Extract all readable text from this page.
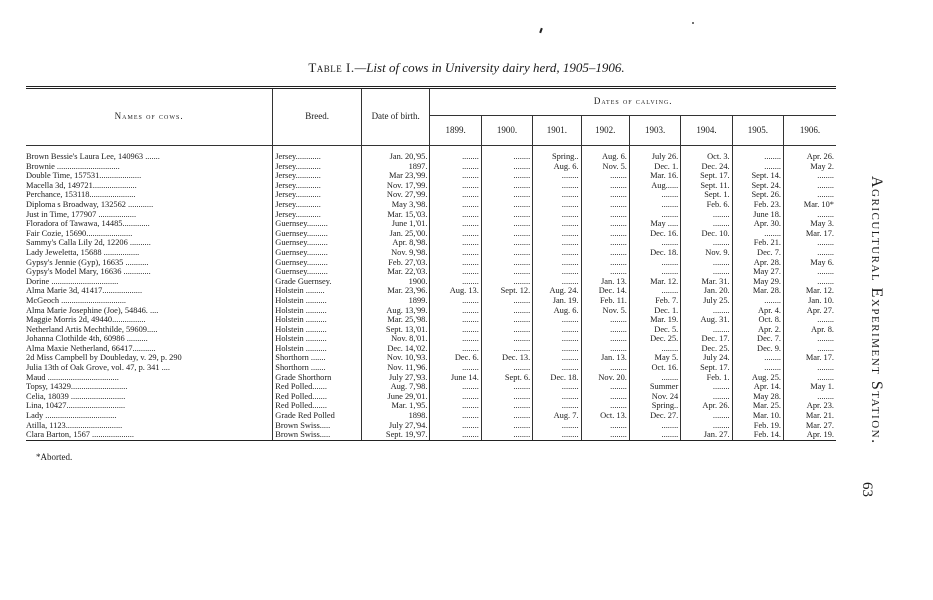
Table I.—List of cows in University dairy herd, 1905–1906.
Names of cows.	Breed.	Date of birth.	Dates of calving.							
			1899.	1900.	1901.	1902.	1903.	1904.	1905.	1906.

Brown Bessie's Laura Lee, 140963 .......	Jersey............	Jan. 20,'95.	........	........	Spring..	Aug. 6.	July 26.	Oct. 3.	........	Apr. 26.
Brownie ..............................	Jersey............	1897.	........	........	Aug. 6.	Nov. 5.	Dec. 1.	Dec. 24.	........	May 2.
Double Time, 157531....................	Jersey............	Mar 23,'99.	........	........	........	........	Mar. 16.	Sept. 17.	Sept. 14.	........
Macella 3d, 149721.....................	Jersey............	Nov. 17,'99.	........	........	........	........	Aug......	Sept. 11.	Sept. 24.	........
Perchance, 153118......................	Jersey............	Nov. 27,'99.	........	........	........	........	........	Sept. 1.	Sept. 26.	........
Diploma s Broadway, 132562 ............	Jersey............	May 3,'98.	........	........	........	........	........	Feb. 6.	Feb. 23.	Mar. 10*
Just in Time, 177907 ..................	Jersey............	Mar. 15,'03.	........	........	........	........	........	........	June 18.	........
Floradora of Tawawa, 14485.............	Guernsey..........	June 1,'01.	........	........	........	........	May .....	........	Apr. 30.	May 3.
Fair Cozie, 15690......................	Guernsey..........	Jan. 25,'00.	........	........	........	........	Dec. 16.	Dec. 10.	........	Mar. 17.
Sammy's Calla Lily 2d, 12206 ..........	Guernsey..........	Apr. 8,'98.	........	........	........	........	........	........	Feb. 21.	........
Lady Jeweletta, 15688 .................	Guernsey..........	Nov. 9,'98.	........	........	........	........	Dec. 18.	Nov. 9.	Dec. 7.	........
Gypsy's Jennie (Gyp), 16635 ...........	Guernsey..........	Feb. 27,'03.	........	........	........	........	........	........	Apr. 28.	May 6.
Gypsy's Model Mary, 16636 .............	Guernsey..........	Mar. 22,'03.	........	........	........	........	........	........	May 27.	........
Dorine ................................	Grade Guernsey.	1900.	........	........	........	Jan. 13.	Mar. 12.	Mar. 31.	May 29.	........
Alma Marie 3d, 41417...................	Holstein .........	Mar. 23,'96.	Aug. 13.	Sept. 12.	Aug. 24.	Dec. 14.	........	Jan. 20.	Mar. 28.	Mar. 12.
McGeoch ...............................	Holstein ..........	1899.	........	........	Jan. 19.	Feb. 11.	Feb. 7.	July 25.	........	Jan. 10.
Alma Marie Josephine (Joe), 54846. ....	Holstein ..........	Aug. 13,'99.	........	........	Aug. 6.	Nov. 5.	Dec. 1.	........	Apr. 4.	Apr. 27.
Maggie Morris 2d, 49440................	Holstein ..........	Mar. 25,'98.	........	........	........	........	Mar. 19.	Aug. 31.	Oct. 8.	........
Netherland Artis Mechthilde, 59609.....	Holstein ..........	Sept. 13,'01.	........	........	........	........	Dec. 5.	........	Apr. 2.	Apr. 8.
Johanna Clothilde 4th, 60986 ..........	Holstein ..........	Nov. 8,'01.	........	........	........	........	Dec. 25.	Dec. 17.	Dec. 7.	........
Alma Maxie Netherland, 66417...........	Holstein ..........	Dec. 14,'02.	........	........	........	........	........	Dec. 25.	Dec. 9.	........
2d Miss Campbell by Doubleday, v. 29, p. 290	Shorthorn .......	Nov. 10,'93.	Dec. 6.	Dec. 13.	........	Jan. 13.	May 5.	July 24.	........	Mar. 17.
Julia 13th of Oak Grove, vol. 47, p. 341 ....	Shorthorn .......	Nov. 11,'96.	........	........	........	........	Oct. 16.	Sept. 17.	........	........
Maud ..................................	Grade Shorthorn	July 27,'93.	June 14.	Sept. 6.	Dec. 18.	Nov. 20.	........	Feb. 1.	Aug. 25.	........
Topsy, 14329...........................	Red Polled.......	Aug. 7,'98.	........	........	........	........	Summer	........	Apr. 14.	May 1.
Celia, 18039 ..........................	Red Polled.......	June 29,'01.	........	........	........	........	Nov. 24	........	May 28.	........
Lina, 10427............................	Red Polled.......	Mar. 1,'95.	........	........	........	........	Spring..	Apr. 26.	Mar. 25.	Apr. 23.
Lady ..................................	Grade Red Polled	1898.	........	........	Aug. 7.	Oct. 13.	Dec. 27.	........	Mar. 10.	Mar. 21.
Atilla, 1123...........................	Brown Swiss.....	July 27,'94.	........	........	........	........	........	........	Feb. 19.	Mar. 27.
Clara Barton, 1567 ....................	Brown Swiss.....	Sept. 19,'97.	........	........	........	........	........	Jan. 27.	Feb. 14.	Apr. 19.
*Aborted.
Agricultural Experiment Station.
63
